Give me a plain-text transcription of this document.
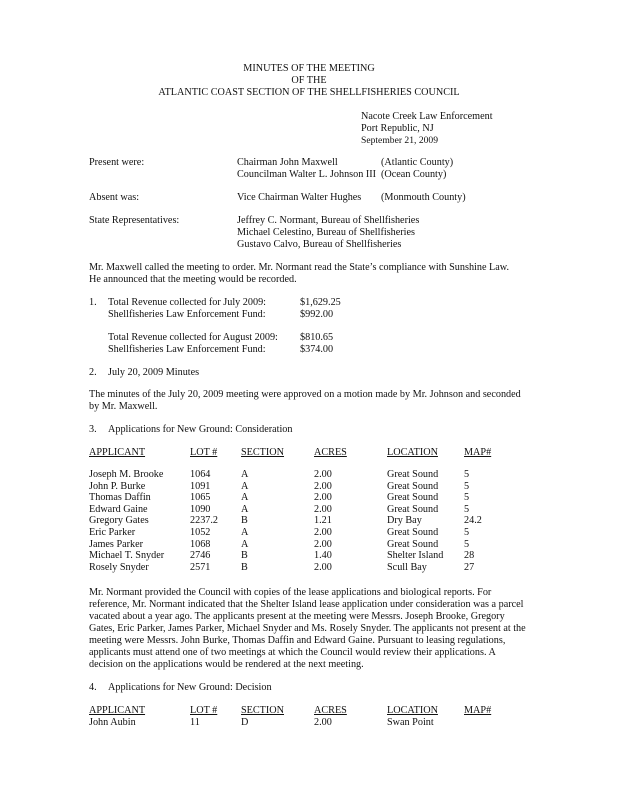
MINUTES OF THE MEETING
OF THE
ATLANTIC COAST SECTION OF THE SHELLFISHERIES COUNCIL
Nacote Creek Law Enforcement
Port Republic, NJ
September 21, 2009
Present were:	Chairman John Maxwell	(Atlantic County)
Councilman Walter L. Johnson III (Ocean County)
Absent was:	Vice Chairman Walter Hughes (Monmouth County)
State Representatives:	Jeffrey C. Normant, Bureau of Shellfisheries
Michael Celestino, Bureau of Shellfisheries
Gustavo Calvo, Bureau of Shellfisheries
Mr. Maxwell called the meeting to order. Mr. Normant read the State’s compliance with Sunshine Law.
He announced that the meeting would be recorded.
1. Total Revenue collected for July 2009:	$1,629.25
Shellfisheries Law Enforcement Fund:	$992.00
Total Revenue collected for August 2009: $810.65
Shellfisheries Law Enforcement Fund:	$374.00
2. July 20, 2009 Minutes
The minutes of the July 20, 2009 meeting were approved on a motion made by Mr. Johnson and seconded
by Mr. Maxwell.
3. Applications for New Ground: Consideration
APPLICANT	LOT # SECTION	ACRES	LOCATION	MAP#
Joseph M. Brooke	1064	A	2.00	Great Sound	5
John P. Burke	1091	A	2.00	Great Sound	5
Thomas Daffin	1065	A	2.00	Great Sound	5
Edward Gaine	1090	A	2.00	Great Sound	5
Gregory Gates	2237.2 B	1.21	Dry Bay	24.2
Eric Parker	1052	A	2.00	Great Sound	5
James Parker	1068	A	2.00	Great Sound	5
Michael T. Snyder	2746	B	1.40	Shelter Island 28
Rosely Snyder	2571	B	2.00	Scull Bay	27
Mr. Normant provided the Council with copies of the lease applications and biological reports. For
reference, Mr. Normant indicated that the Shelter Island lease application under consideration was a parcel
vacated about a year ago. The applicants present at the meeting were Messrs. Joseph Brooke, Gregory
Gates, Eric Parker, James Parker, Michael Snyder and Ms. Rosely Snyder. The applicants not present at the
meeting were Messrs. John Burke, Thomas Daffin and Edward Gaine. Pursuant to leasing regulations,
applicants must attend one of two meetings at which the Council would review their applications. A
decision on the applications would be rendered at the next meeting.
4. Applications for New Ground: Decision
APPLICANT	LOT # SECTION	ACRES	LOCATION	MAP#
John Aubin	11	D	2.00	Swan Point
